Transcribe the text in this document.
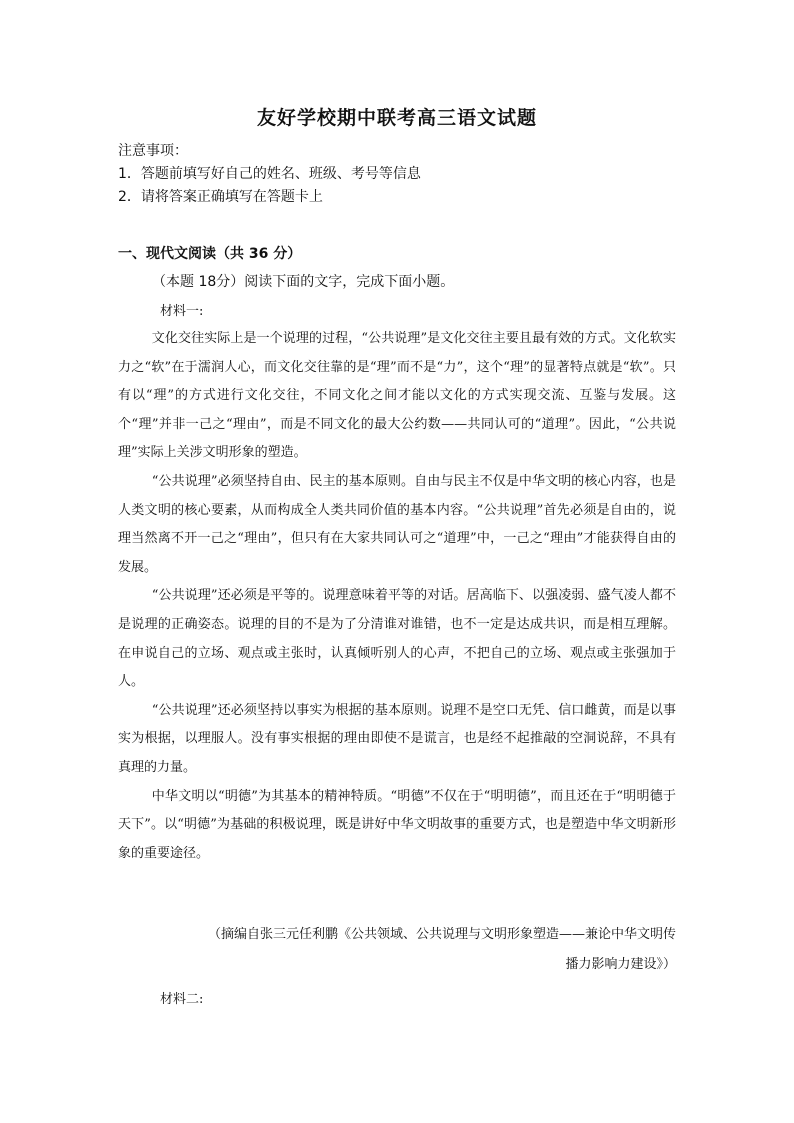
友好学校期中联考高三语文试题
注意事项：
1．答题前填写好自己的姓名、班级、考号等信息
2．请将答案正确填写在答题卡上
一、现代文阅读（共 36 分）
（本题 18分）阅读下面的文字，完成下面小题。
材料一:

文化交往实际上是一个说理的过程，“公共说理”是文化交往主要且最有效的方式。文化软实力之“软”在于濡润人心，而文化交往靠的是“理”而不是“力”，这个“理”的显著特点就是“软”。只有以“理”的方式进行文化交往，不同文化之间才能以文化的方式实现交流、互鉴与发展。这个“理”并非一己之“理由”，而是不同文化的最大公约数——共同认可的“道理”。因此，“公共说理”实际上关涉文明形象的塑造。

“公共说理”必须坚持自由、民主的基本原则。自由与民主不仅是中华文明的核心内容，也是人类文明的核心要素，从而构成全人类共同价值的基本内容。“公共说理”首先必须是自由的，说理当然离不开一己之“理由”，但只有在大家共同认可之“道理”中，一己之“理由”才能获得自由的发展。

“公共说理”还必须是平等的。说理意味着平等的对话。居高临下、以强凌弱、盛气凌人都不是说理的正确姿态。说理的目的不是为了分清谁对谁错，也不一定是达成共识，而是相互理解。在申说自己的立场、观点或主张时，认真倾听别人的心声，不把自己的立场、观点或主张强加于人。

“公共说理”还必须坚持以事实为根据的基本原则。说理不是空口无凭、信口雌黄，而是以事实为根据，以理服人。没有事实根据的理由即使不是谎言，也是经不起推敲的空洞说辞，不具有真理的力量。

中华文明以“明德”为其基本的精神特质。“明德”不仅在于“明明德”，而且还在于“明明德于天下”。以“明德”为基础的积极说理，既是讲好中华文明故事的重要方式，也是塑造中华文明新形象的重要途径。

（摘编自张三元任利鹏《公共领域、公共说理与文明形象塑造——兼论中华文明传
播力影响力建设》）
材料二:
